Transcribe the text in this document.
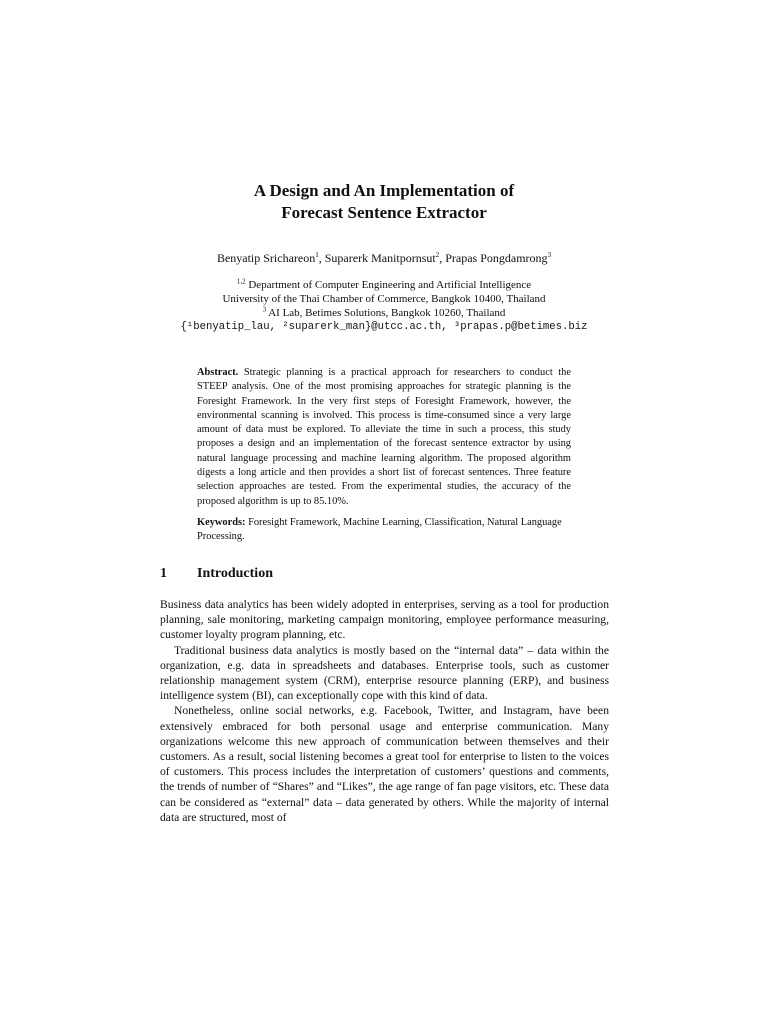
A Design and An Implementation of
Forecast Sentence Extractor
Benyatip Srichareon$^1$, Suparerk Manitpornsut$^2$, Prapas Pongdamrong$^3$
$^{1,2}$ Department of Computer Engineering and Artificial Intelligence
University of the Thai Chamber of Commerce, Bangkok 10400, Thailand
$^3$ AI Lab, Betimes Solutions, Bangkok 10260, Thailand
{¹benyatip_lau, ²suparerk_man}@utcc.ac.th, ³prapas.p@betimes.biz
Abstract. Strategic planning is a practical approach for researchers to conduct the STEEP analysis. One of the most promising approaches for strategic planning is the Foresight Framework. In the very first steps of Foresight Framework, however, the environmental scanning is involved. This process is time-consumed since a very large amount of data must be explored. To alleviate the time in such a process, this study proposes a design and an implementation of the forecast sentence extractor by using natural language processing and machine learning algorithm. The proposed algorithm digests a long article and then provides a short list of forecast sentences. Three feature selection approaches are tested. From the experimental studies, the accuracy of the proposed algorithm is up to 85.10%.
Keywords: Foresight Framework, Machine Learning, Classification, Natural Language Processing.
1 Introduction

Business data analytics has been widely adopted in enterprises, serving as a tool for production planning, sale monitoring, marketing campaign monitoring, employee performance measuring, customer loyalty program planning, etc.

Traditional business data analytics is mostly based on the “internal data” – data within the organization, e.g. data in spreadsheets and databases. Enterprise tools, such as customer relationship management system (CRM), enterprise resource planning (ERP), and business intelligence system (BI), can exceptionally cope with this kind of data.

Nonetheless, online social networks, e.g. Facebook, Twitter, and Instagram, have been extensively embraced for both personal usage and enterprise communication. Many organizations welcome this new approach of communication between themselves and their customers. As a result, social listening becomes a great tool for enterprise to listen to the voices of customers. This process includes the interpretation of customers’ questions and comments, the trends of number of “Shares” and “Likes”, the age range of fan page visitors, etc. These data can be considered as “external” data – data generated by others. While the majority of internal data are structured, most of
